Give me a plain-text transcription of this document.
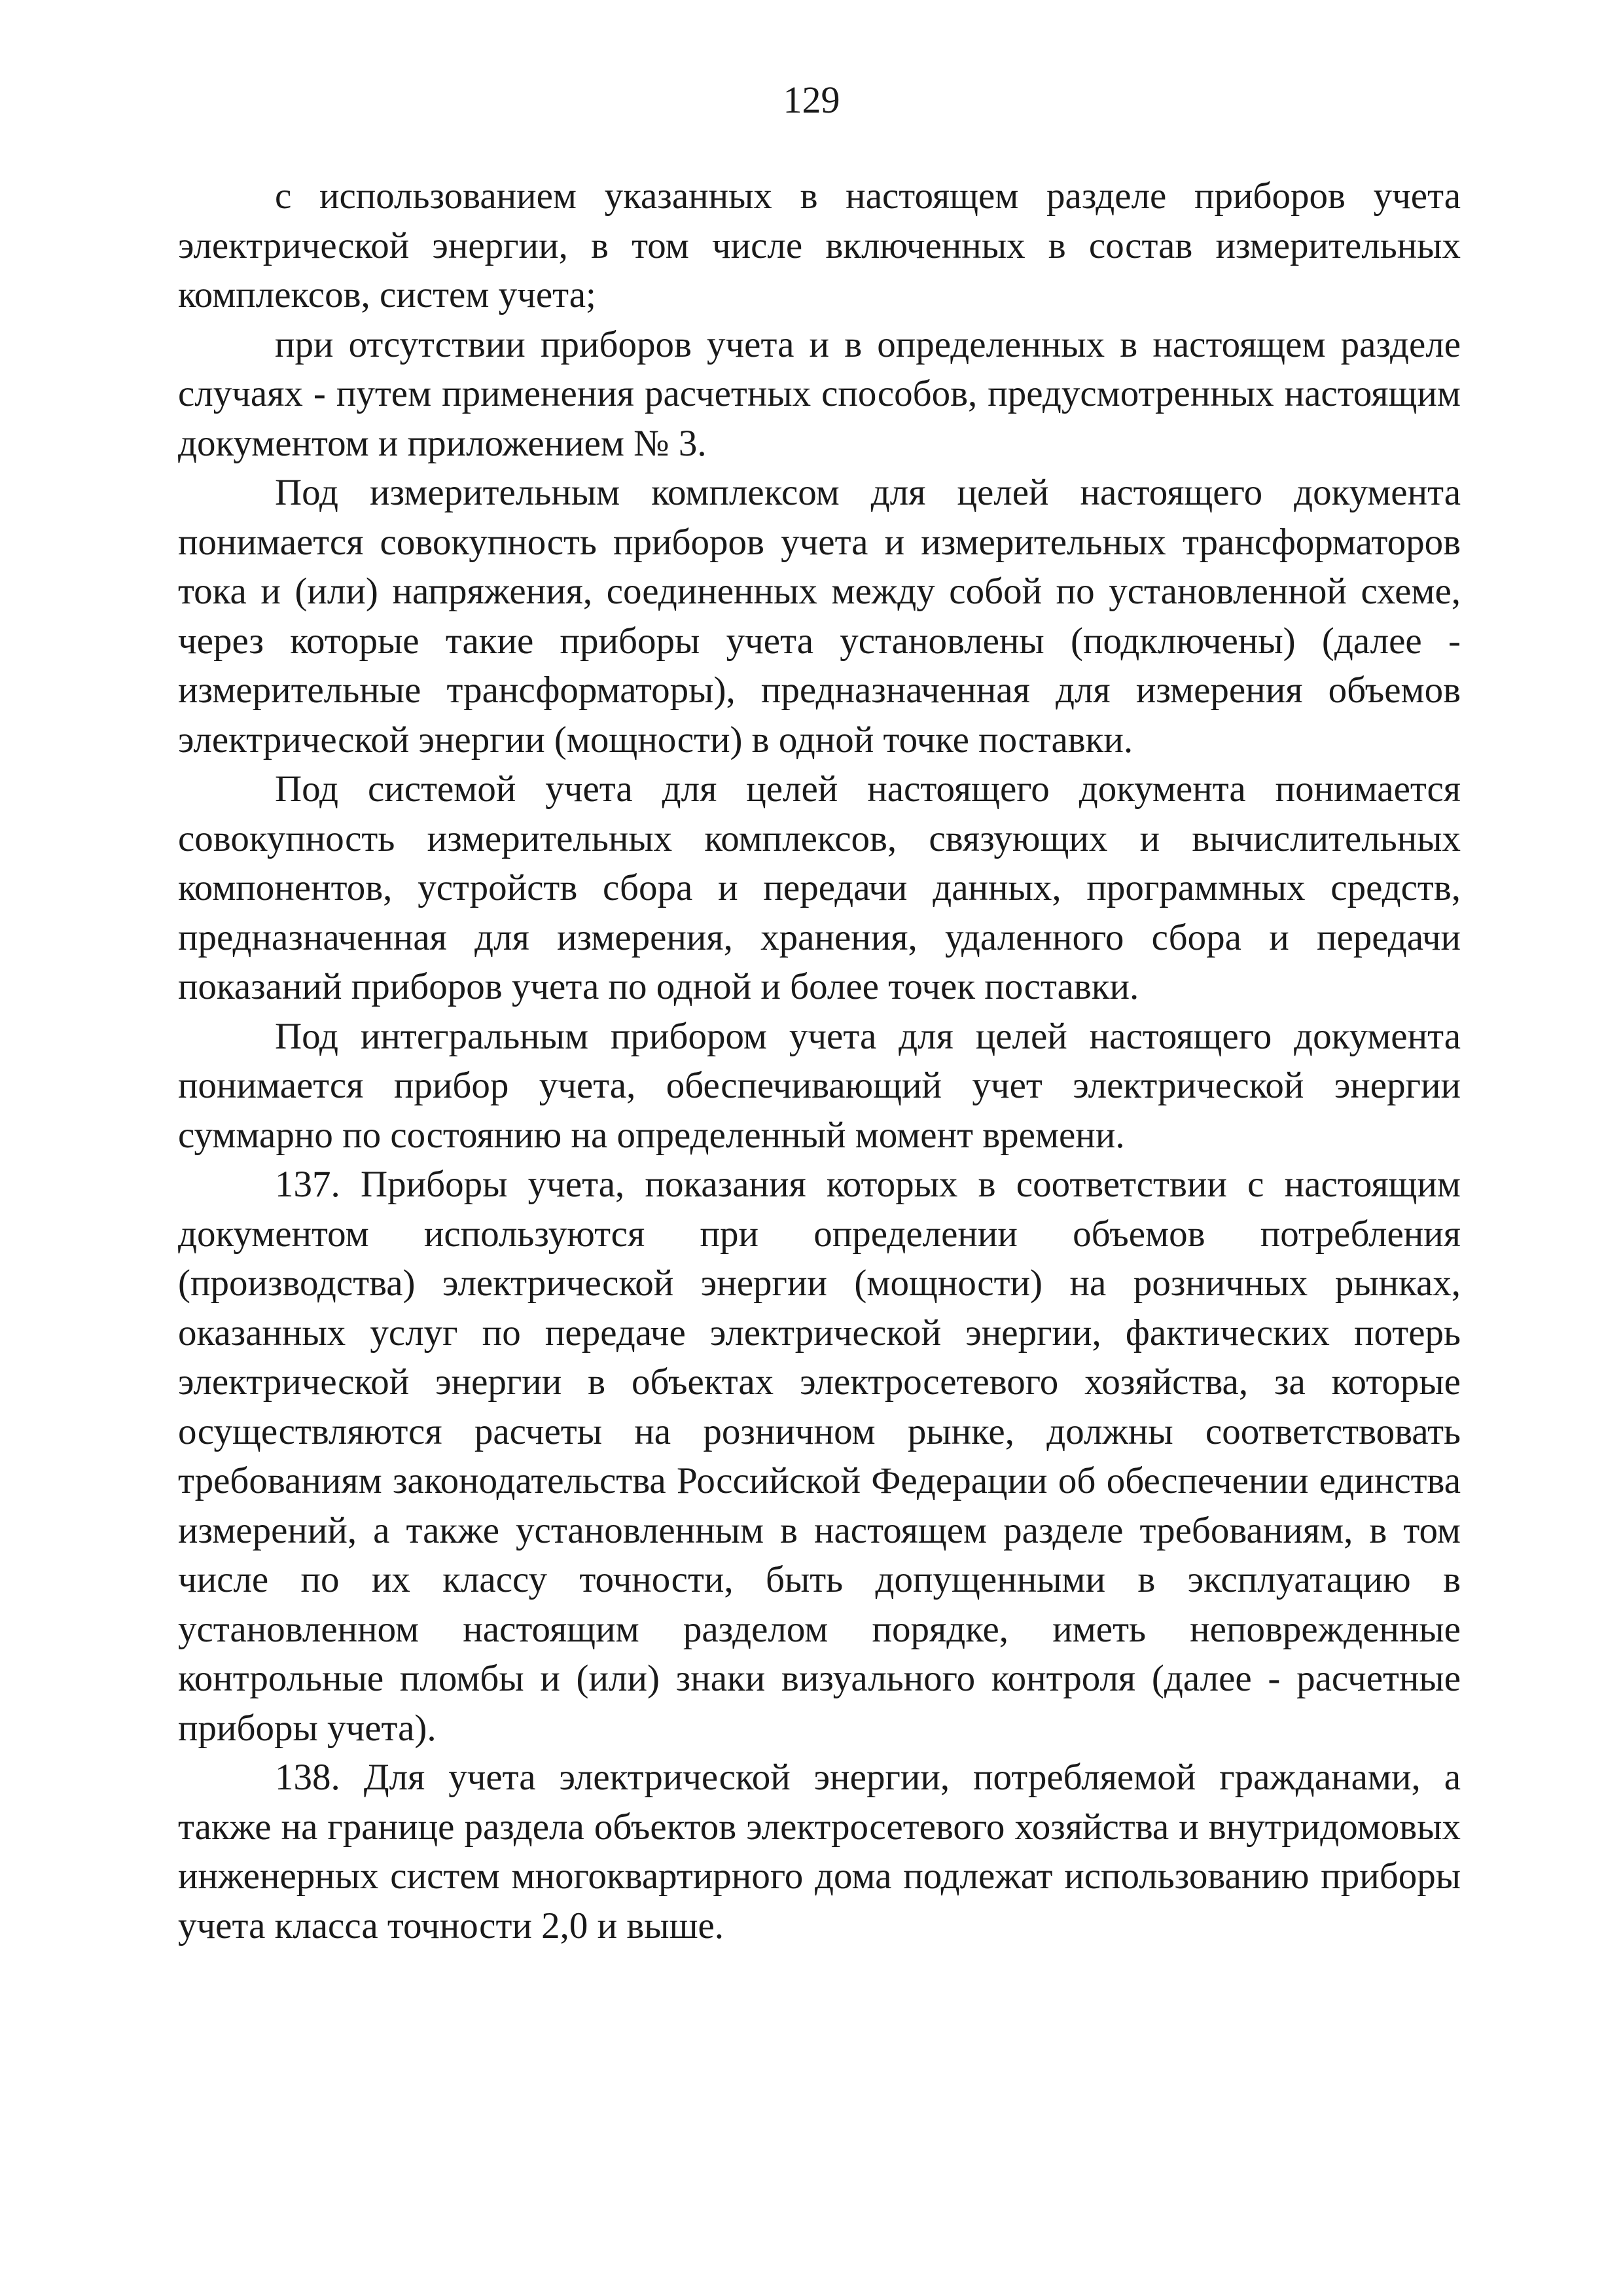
129

с использованием указанных в настоящем разделе приборов учета электрической энергии, в том числе включенных в состав измерительных комплексов, систем учета;

при отсутствии приборов учета и в определенных в настоящем разделе случаях - путем применения расчетных способов, предусмотренных настоящим документом и приложением № 3.

Под измерительным комплексом для целей настоящего документа понимается совокупность приборов учета и измерительных трансформаторов тока и (или) напряжения, соединенных между собой по установленной схеме, через которые такие приборы учета установлены (подключены) (далее - измерительные трансформаторы), предназначенная для измерения объемов электрической энергии (мощности) в одной точке поставки.

Под системой учета для целей настоящего документа понимается совокупность измерительных комплексов, связующих и вычислительных компонентов, устройств сбора и передачи данных, программных средств, предназначенная для измерения, хранения, удаленного сбора и передачи показаний приборов учета по одной и более точек поставки.

Под интегральным прибором учета для целей настоящего документа понимается прибор учета, обеспечивающий учет электрической энергии суммарно по состоянию на определенный момент времени.

137. Приборы учета, показания которых в соответствии с настоящим документом используются при определении объемов потребления (производства) электрической энергии (мощности) на розничных рынках, оказанных услуг по передаче электрической энергии, фактических потерь электрической энергии в объектах электросетевого хозяйства, за которые осуществляются расчеты на розничном рынке, должны соответствовать требованиям законодательства Российской Федерации об обеспечении единства измерений, а также установленным в настоящем разделе требованиям, в том числе по их классу точности, быть допущенными в эксплуатацию в установленном настоящим разделом порядке, иметь неповрежденные контрольные пломбы и (или) знаки визуального контроля (далее - расчетные приборы учета).

138. Для учета электрической энергии, потребляемой гражданами, а также на границе раздела объектов электросетевого хозяйства и внутридомовых инженерных систем многоквартирного дома подлежат использованию приборы учета класса точности 2,0 и выше.
